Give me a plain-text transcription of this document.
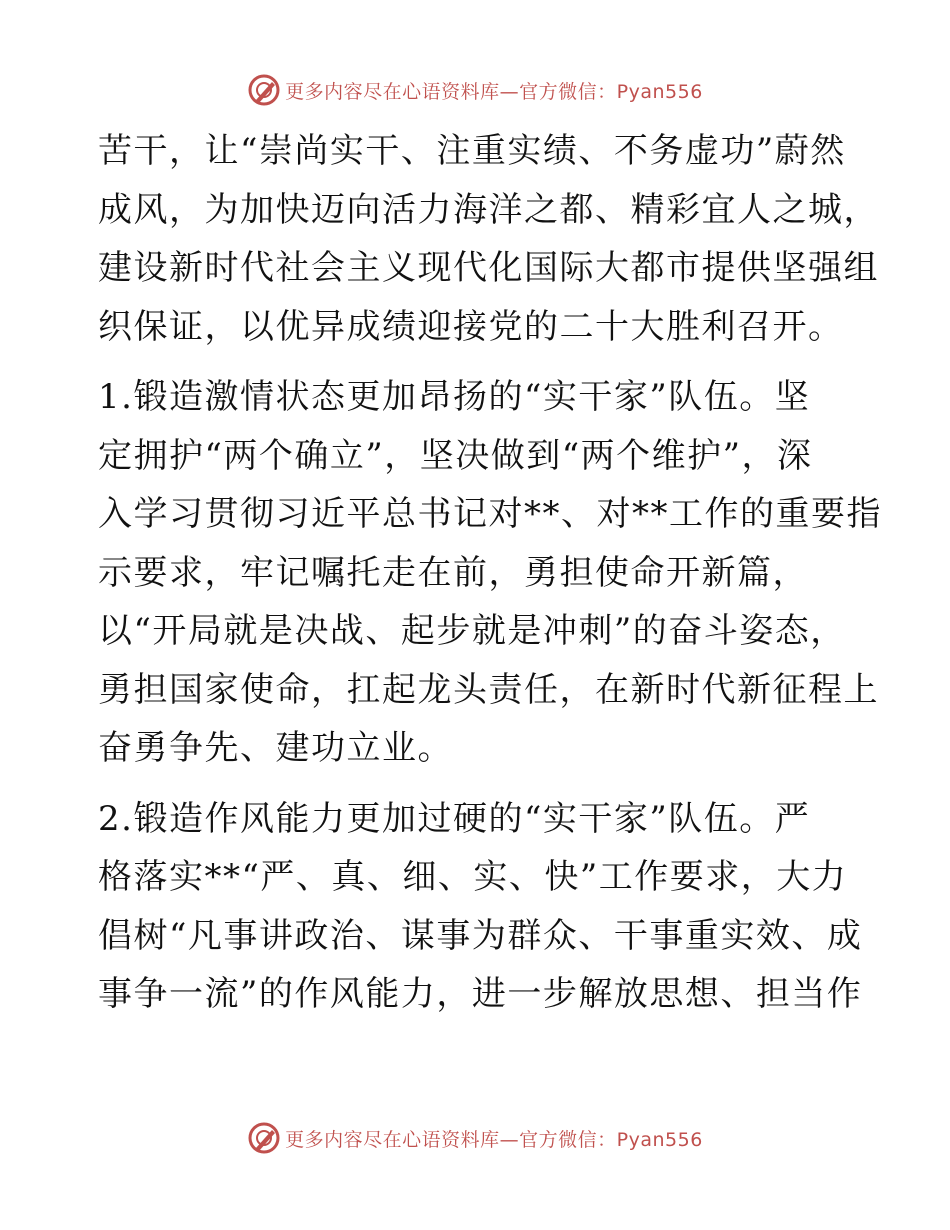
更多内容尽在心语资料库—官方微信：Pyan556

苦干，让“崇尚实干、注重实绩、不务虚功”蔚然
成风，为加快迈向活力海洋之都、精彩宜人之城，
建设新时代社会主义现代化国际大都市提供坚强组
织保证，以优异成绩迎接党的二十大胜利召开。

1.锻造激情状态更加昂扬的“实干家”队伍。坚
定拥护“两个确立”，坚决做到“两个维护”，深
入学习贯彻习近平总书记对**、对**工作的重要指
示要求，牢记嘱托走在前，勇担使命开新篇，
以“开局就是决战、起步就是冲刺”的奋斗姿态，
勇担国家使命，扛起龙头责任，在新时代新征程上
奋勇争先、建功立业。

2.锻造作风能力更加过硬的“实干家”队伍。严
格落实**“严、真、细、实、快”工作要求，大力
倡树“凡事讲政治、谋事为群众、干事重实效、成
事争一流”的作风能力，进一步解放思想、担当作

更多内容尽在心语资料库—官方微信：Pyan556
